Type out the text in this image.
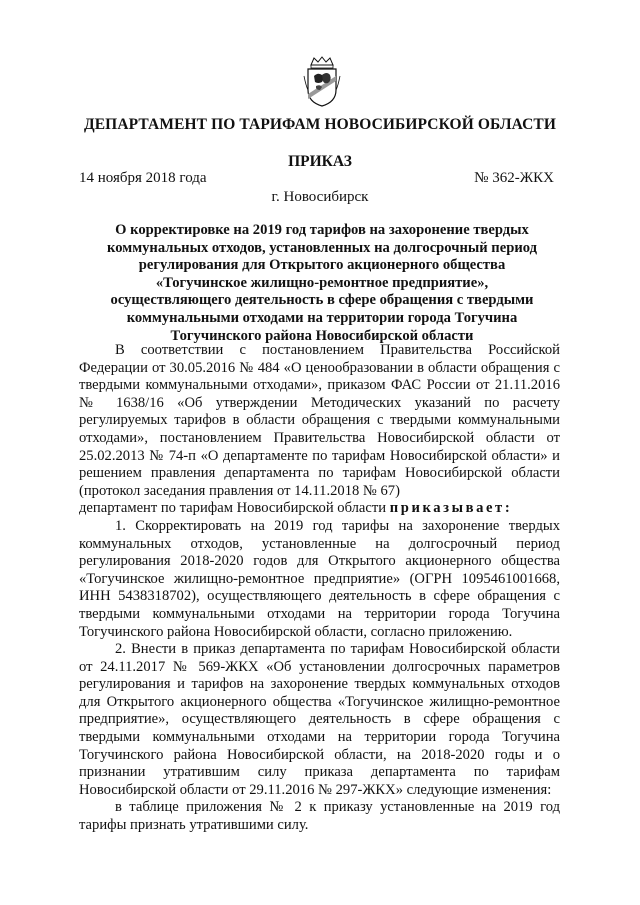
ДЕПАРТАМЕНТ ПО ТАРИФАМ НОВОСИБИРСКОЙ ОБЛАСТИ
ПРИКАЗ
14 ноября 2018 года	№ 362-ЖКХ
г. Новосибирск
О корректировке на 2019 год тарифов на захоронение твердых коммунальных отходов, установленных на долгосрочный период регулирования для Открытого акционерного общества «Тогучинское жилищно-ремонтное предприятие», осуществляющего деятельность в сфере обращения с твердыми коммунальными отходами на территории города Тогучина Тогучинского района Новосибирской области

В соответствии с постановлением Правительства Российской Федерации от 30.05.2016 № 484 «О ценообразовании в области обращения с твердыми коммунальными отходами», приказом ФАС России от 21.11.2016 № 1638/16 «Об утверждении Методических указаний по расчету регулируемых тарифов в области обращения с твердыми коммунальными отходами», постановлением Правительства Новосибирской области от 25.02.2013 № 74-п «О департаменте по тарифам Новосибирской области» и решением правления департамента по тарифам Новосибирской области (протокол заседания правления от 14.11.2018 № 67)

департамент по тарифам Новосибирской области приказывает:

1. Скорректировать на 2019 год тарифы на захоронение твердых коммунальных отходов, установленные на долгосрочный период регулирования 2018-2020 годов для Открытого акционерного общества «Тогучинское жилищно-ремонтное предприятие» (ОГРН 1095461001668, ИНН 5438318702), осуществляющего деятельность в сфере обращения с твердыми коммунальными отходами на территории города Тогучина Тогучинского района Новосибирской области, согласно приложению.

2. Внести в приказ департамента по тарифам Новосибирской области от 24.11.2017 № 569-ЖКХ «Об установлении долгосрочных параметров регулирования и тарифов на захоронение твердых коммунальных отходов для Открытого акционерного общества «Тогучинское жилищно-ремонтное предприятие», осуществляющего деятельность в сфере обращения с твердыми коммунальными отходами на территории города Тогучина Тогучинского района Новосибирской области, на 2018-2020 годы и о признании утратившим силу приказа департамента по тарифам Новосибирской области от 29.11.2016 № 297-ЖКХ» следующие изменения:

в таблице приложения № 2 к приказу установленные на 2019 год тарифы признать утратившими силу.
